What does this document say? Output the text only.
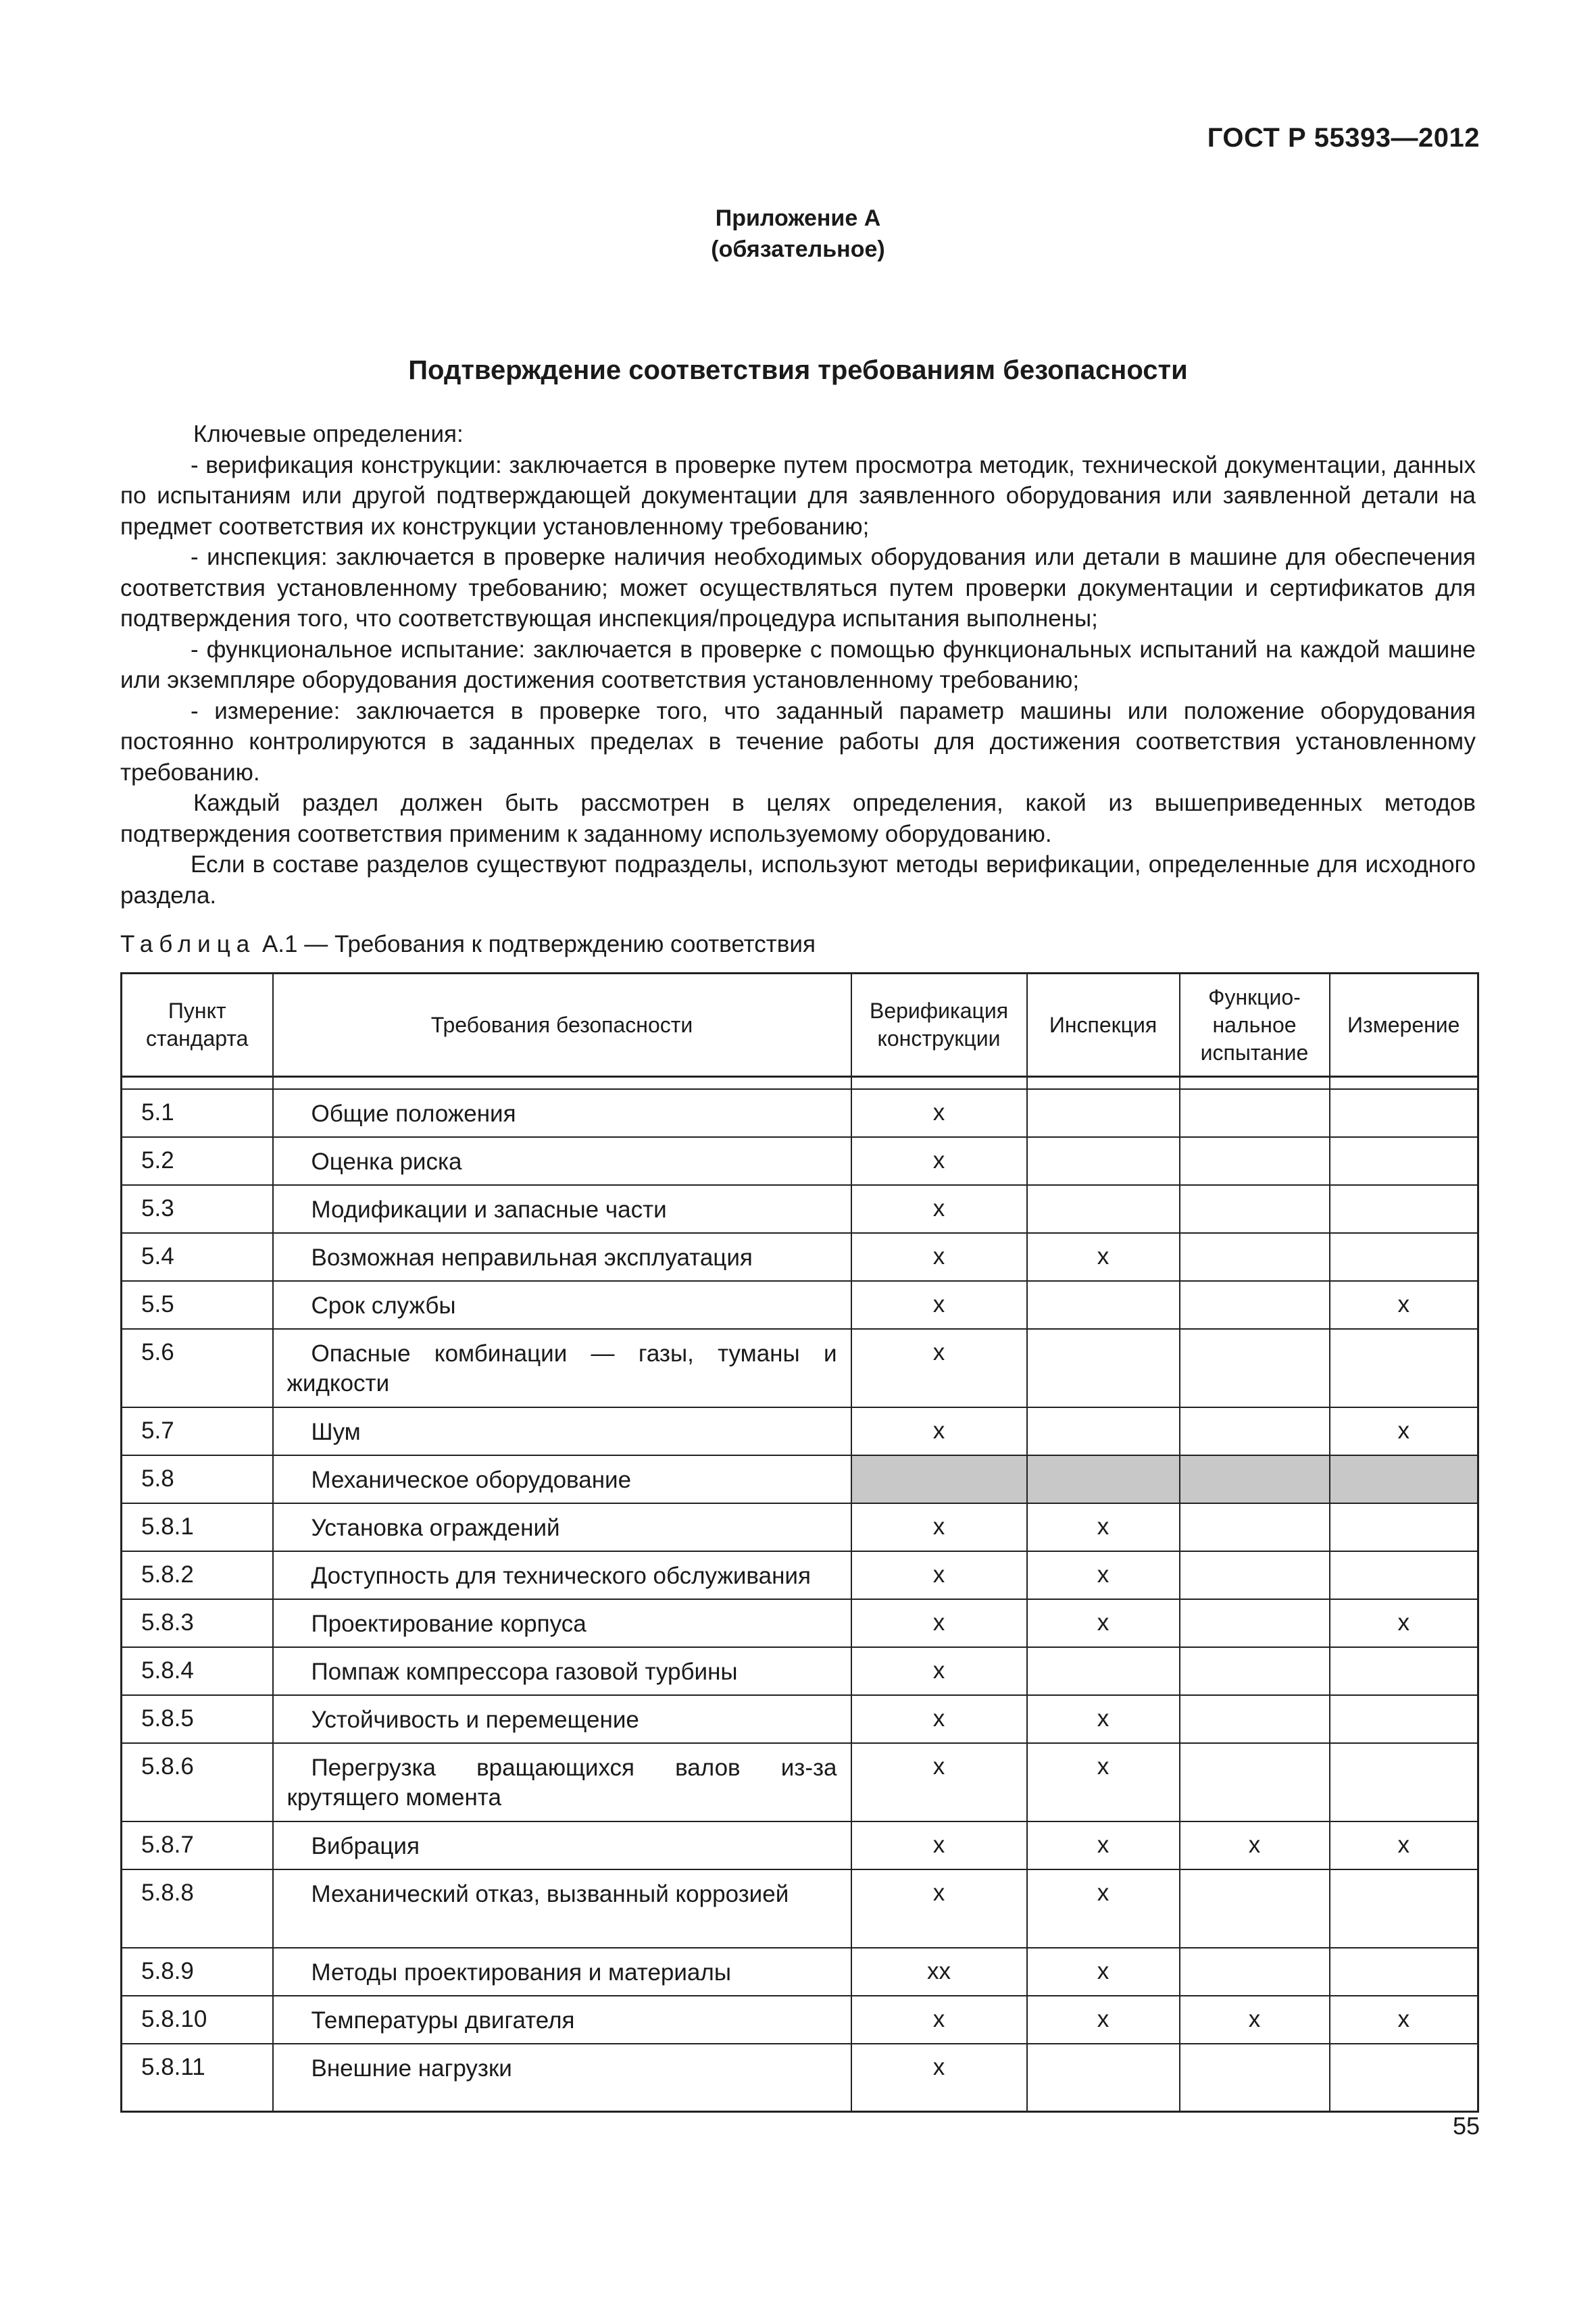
ГОСТ Р 55393—2012
Приложение А
(обязательное)
Подтверждение соответствия требованиям безопасности

Ключевые определения:

- верификация конструкции: заключается в проверке путем просмотра методик, технической документации, данных по испытаниям или другой подтверждающей документации для заявленного оборудования или заявленной детали на предмет соответствия их конструкции установленному требованию;

- инспекция: заключается в проверке наличия необходимых оборудования или детали в машине для обеспечения соответствия установленному требованию; может осуществляться путем проверки документации и сертификатов для подтверждения того, что соответствующая инспекция/процедура испытания выполнены;

- функциональное испытание: заключается в проверке с помощью функциональных испытаний на каждой машине или экземпляре оборудования достижения соответствия установленному требованию;

- измерение: заключается в проверке того, что заданный параметр машины или положение оборудования постоянно контролируются в заданных пределах в течение работы для достижения соответствия установленному требованию.

Каждый раздел должен быть рассмотрен в целях определения, какой из вышеприведенных методов подтверждения соответствия применим к заданному используемому оборудованию.

Если в составе разделов существуют подразделы, используют методы верификации, определенные для исходного раздела.

Таблица А.1 — Требования к подтверждению соответствия
Пункт стандарта	Требования безопасности	Верификация конструкции	Инспекция	Функцио- нальное испытание	Измерение

5.1	Общие положения	x			
5.2	Оценка риска	x			
5.3	Модификации и запасные части	x			
5.4	Возможная неправильная эксплуатация	x	x		
5.5	Срок службы	x			x
5.6	Опасные комбинации — газы, туманы и жидкости	x			
5.7	Шум	x			x
5.8	Механическое оборудование				
5.8.1	Установка ограждений	x	x		
5.8.2	Доступность для технического обслуживания	x	x		
5.8.3	Проектирование корпуса	x	x		x
5.8.4	Помпаж компрессора газовой турбины	x			
5.8.5	Устойчивость и перемещение	x	x		
5.8.6	Перегрузка вращающихся валов из-за крутящего момента	x	x		
5.8.7	Вибрация	x	x	x	x
5.8.8	Механический отказ, вызванный коррозией	x	x		
5.8.9	Методы проектирования и материалы	xx	x		
5.8.10	Температуры двигателя	x	x	x	x
5.8.11	Внешние нагрузки	x			
55
